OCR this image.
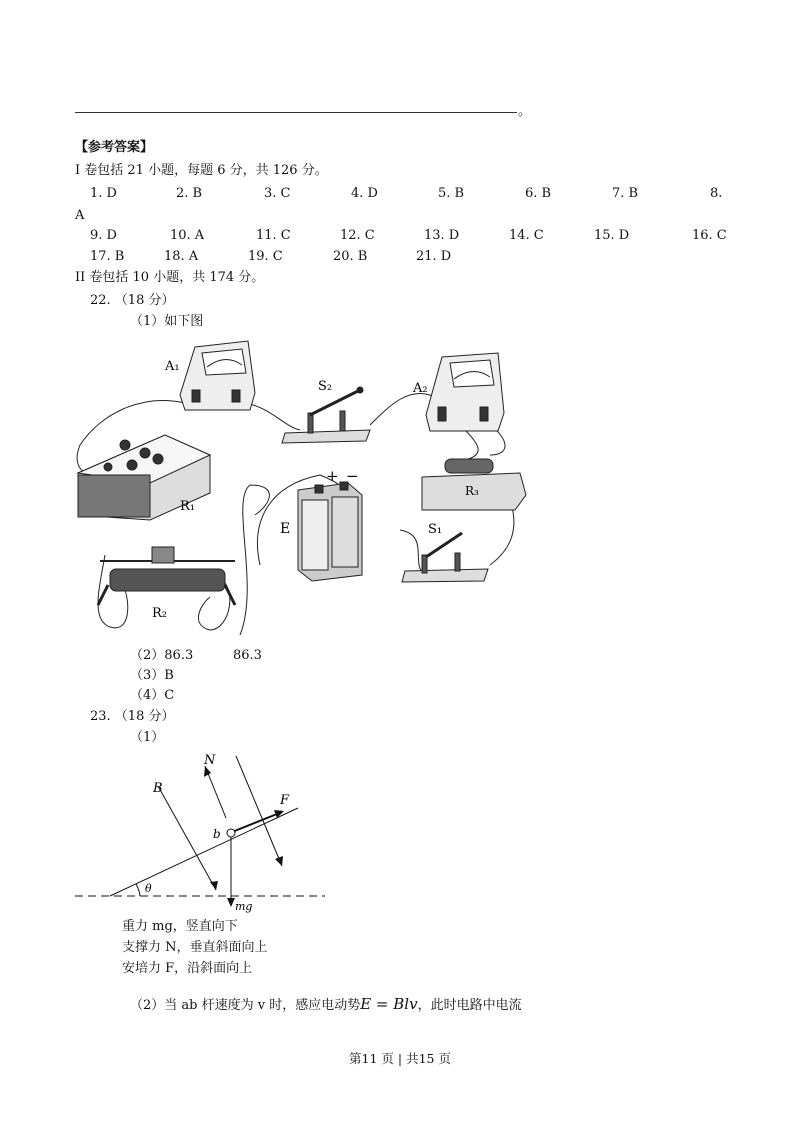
。
【参考答案】
I 卷包括 21 小题，每题 6 分，共 126 分。
1. D	2. B	3. C	4. D	5. B	6. B	7. B	8.
A
9. D	10. A	11. C	12. C	13. D	14. C	15. D	16. C
17. B	18. A	19. C	20. B	21. D
II 卷包括 10 小题，共 174 分。
22. （18 分）
（1）如下图
A₁
S₂	A₂
R₁
R₂
+ −
E
R₃
S₁
（2）86.3	86.3
（3）B
（4）C
23. （18 分）
（1）
N
B
F
b
θ
mg
重力 mg，竖直向下
支撑力 N，垂直斜面向上
安培力 F，沿斜面向上
（2）当 ab 杆速度为 v 时，感应电动势E = Blv，此时电路中电流
第11 页 | 共15 页
